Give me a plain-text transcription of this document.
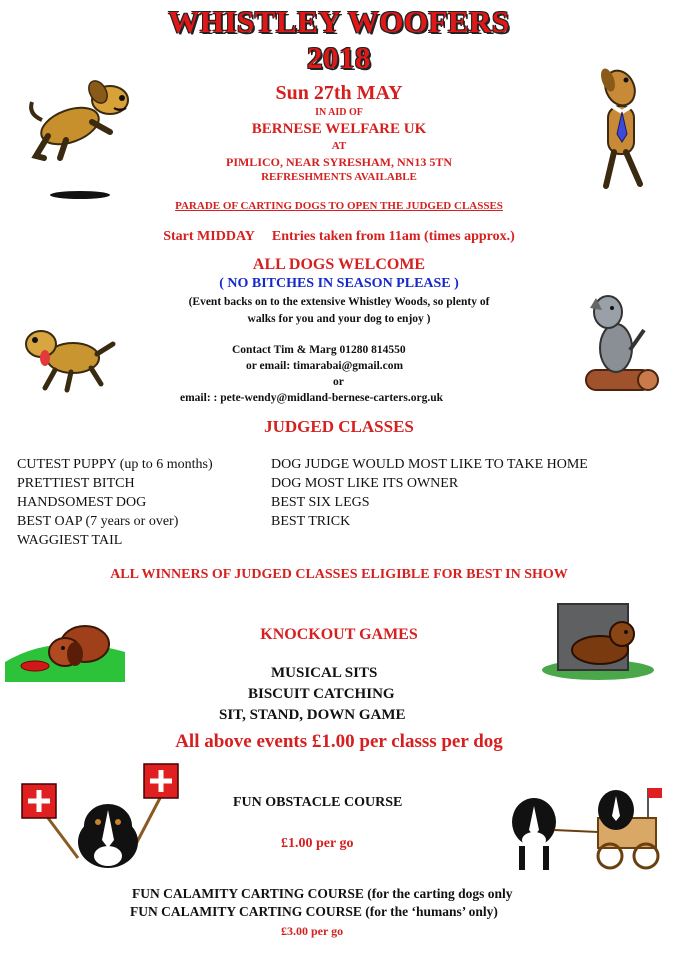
WHISTLEY WOOFERS
2018
Sun 27th MAY
IN AID OF
BERNESE WELFARE UK
AT
PIMLICO, NEAR SYRESHAM, NN13 5TN
REFRESHMENTS AVAILABLE
PARADE OF CARTING DOGS TO OPEN THE JUDGED CLASSES
Start MIDDAY     Entries taken from 11am (times approx.)
ALL DOGS WELCOME
( NO BITCHES IN SEASON PLEASE )
(Event backs on to the extensive Whistley Woods, so plenty of
walks for you and your dog to enjoy )
Contact Tim & Marg 01280 814550
or email: timarabai@gmail.com
or
email: : pete-wendy@midland-bernese-carters.org.uk
JUDGED CLASSES
CUTEST PUPPY (up to 6 months)
PRETTIEST BITCH
HANDSOMEST DOG
BEST OAP (7 years or over)
WAGGIEST TAIL
DOG JUDGE WOULD MOST LIKE TO TAKE HOME
DOG MOST LIKE ITS OWNER
BEST SIX LEGS
BEST TRICK
ALL WINNERS OF JUDGED CLASSES ELIGIBLE FOR BEST IN SHOW
KNOCKOUT GAMES
MUSICAL SITS
BISCUIT CATCHING
SIT, STAND, DOWN GAME
All above events £1.00 per classs per dog
FUN OBSTACLE COURSE
£1.00 per go
FUN CALAMITY CARTING COURSE (for the carting dogs only
FUN CALAMITY CARTING COURSE (for the ‘humans’ only)
£3.00 per go
